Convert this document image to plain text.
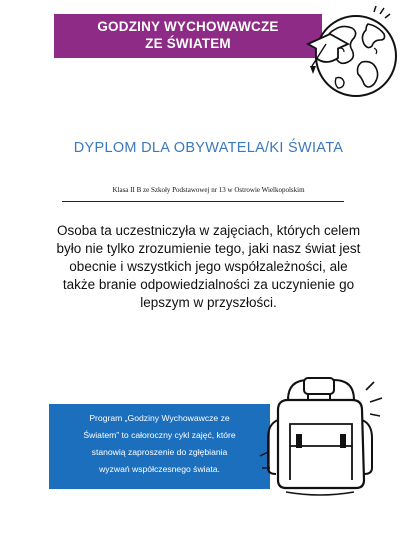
GODZINY WYCHOWAWCZE
ZE ŚWIATEM
DYPLOM DLA OBYWATELA/KI ŚWIATA
Klasa II B ze Szkoły Podstawowej nr 13 w Ostrowie Wielkopolskim
Osoba ta uczestniczyła w zajęciach, których celem
było nie tylko zrozumienie tego, jaki nasz świat jest
obecnie i wszystkich jego współzależności, ale
także branie odpowiedzialności za uczynienie go
lepszym w przyszłości.
Program „Godziny Wychowawcze ze
Światem” to całoroczny cykl zajęć, które
stanowią zaproszenie do zgłębiania
wyzwań współczesnego świata.
